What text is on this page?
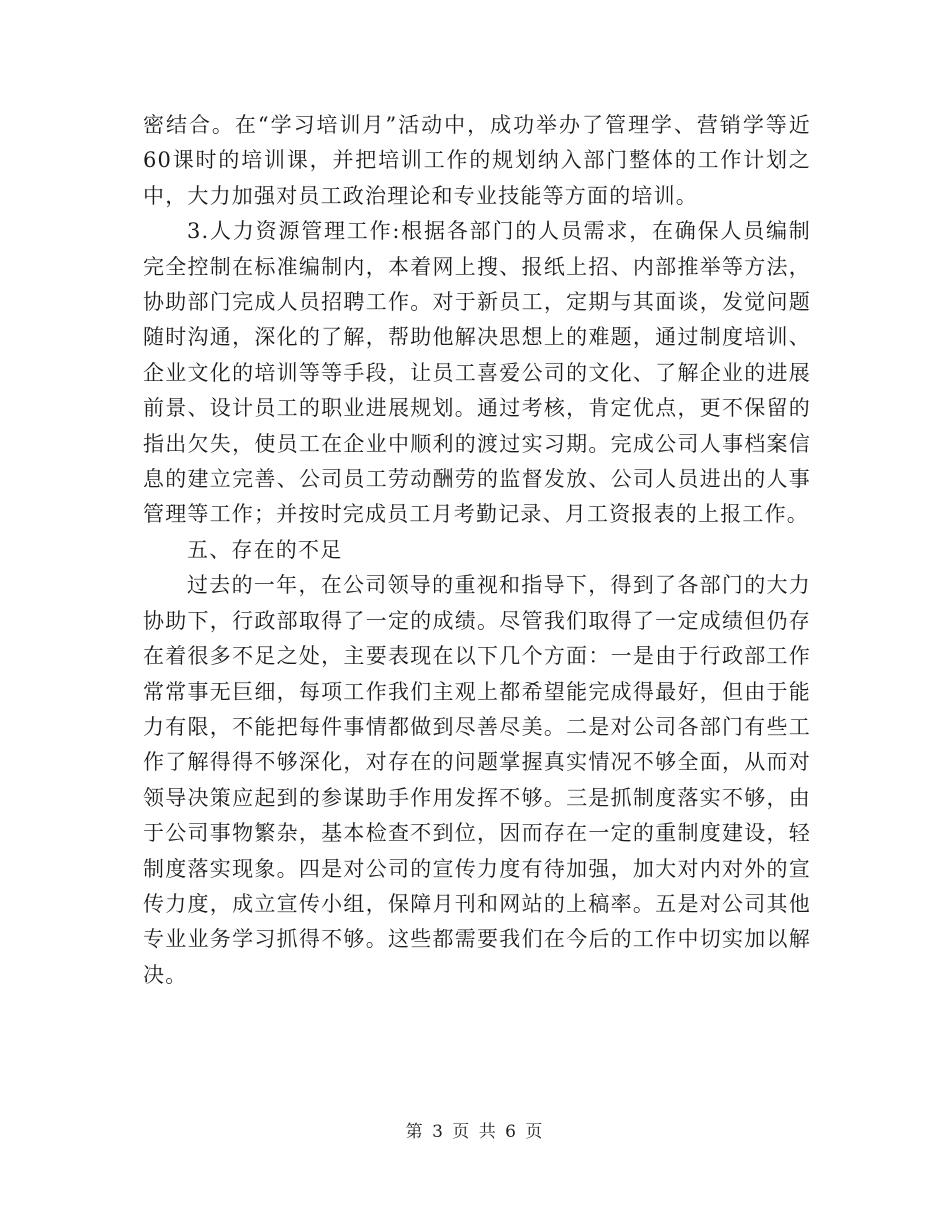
密结合。在“学习培训月”活动中，成功举办了管理学、营销学等近60课时的培训课，并把培训工作的规划纳入部门整体的工作计划之中，大力加强对员工政治理论和专业技能等方面的培训。

3.人力资源管理工作:根据各部门的人员需求，在确保人员编制完全控制在标准编制内，本着网上搜、报纸上招、内部推举等方法，协助部门完成人员招聘工作。对于新员工，定期与其面谈，发觉问题随时沟通，深化的了解，帮助他解决思想上的难题，通过制度培训、企业文化的培训等等手段，让员工喜爱公司的文化、了解企业的进展前景、设计员工的职业进展规划。通过考核，肯定优点，更不保留的指出欠失，使员工在企业中顺利的渡过实习期。完成公司人事档案信息的建立完善、公司员工劳动酬劳的监督发放、公司人员进出的人事管理等工作；并按时完成员工月考勤记录、月工资报表的上报工作。

五、存在的不足

过去的一年，在公司领导的重视和指导下，得到了各部门的大力协助下，行政部取得了一定的成绩。尽管我们取得了一定成绩但仍存在着很多不足之处，主要表现在以下几个方面：一是由于行政部工作常常事无巨细，每项工作我们主观上都希望能完成得最好，但由于能力有限，不能把每件事情都做到尽善尽美。二是对公司各部门有些工作了解得得不够深化，对存在的问题掌握真实情况不够全面，从而对领导决策应起到的参谋助手作用发挥不够。三是抓制度落实不够，由于公司事物繁杂，基本检查不到位，因而存在一定的重制度建设，轻制度落实现象。四是对公司的宣传力度有待加强，加大对内对外的宣传力度，成立宣传小组，保障月刊和网站的上稿率。五是对公司其他专业业务学习抓得不够。这些都需要我们在今后的工作中切实加以解决。

第 3 页 共 6 页
